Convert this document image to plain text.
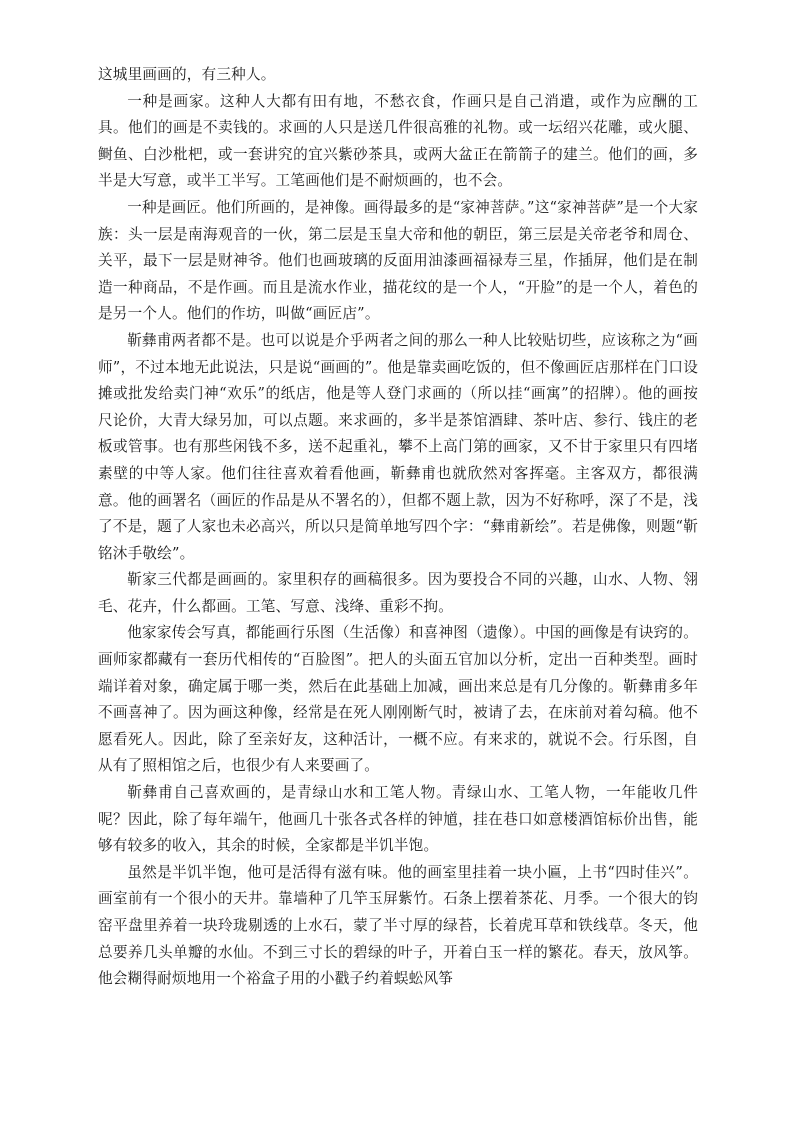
这城里画画的，有三种人。

一种是画家。这种人大都有田有地，不愁衣食，作画只是自己消遣，或作为应酬的工具。他们的画是不卖钱的。求画的人只是送几件很高雅的礼物。或一坛绍兴花雕，或火腿、鲥鱼、白沙枇杷，或一套讲究的宜兴紫砂茶具，或两大盆正在箭箭子的建兰。他们的画，多半是大写意，或半工半写。工笔画他们是不耐烦画的，也不会。

一种是画匠。他们所画的，是神像。画得最多的是“家神菩萨。”这“家神菩萨”是一个大家族：头一层是南海观音的一伙，第二层是玉皇大帝和他的朝臣，第三层是关帝老爷和周仓、关平，最下一层是财神爷。他们也画玻璃的反面用油漆画福禄寿三星，作插屏，他们是在制造一种商品，不是作画。而且是流水作业，描花纹的是一个人，“开脸”的是一个人，着色的是另一个人。他们的作坊，叫做“画匠店”。

靳彝甫两者都不是。也可以说是介乎两者之间的那么一种人比较贴切些，应该称之为“画师”，不过本地无此说法，只是说“画画的”。他是靠卖画吃饭的，但不像画匠店那样在门口设摊或批发给卖门神“欢乐”的纸店，他是等人登门求画的（所以挂“画寓”的招牌）。他的画按尺论价，大青大绿另加，可以点题。来求画的，多半是茶馆酒肆、茶叶店、参行、钱庄的老板或管事。也有那些闲钱不多，送不起重礼，攀不上高门第的画家，又不甘于家里只有四堵素壁的中等人家。他们往往喜欢着看他画，靳彝甫也就欣然对客挥毫。主客双方，都很满意。他的画署名（画匠的作品是从不署名的），但都不题上款，因为不好称呼，深了不是，浅了不是，题了人家也未必高兴，所以只是简单地写四个字：“彝甫新绘”。若是佛像，则题“靳铭沐手敬绘”。

靳家三代都是画画的。家里积存的画稿很多。因为要投合不同的兴趣，山水、人物、翎毛、花卉，什么都画。工笔、写意、浅绛、重彩不拘。

他家家传会写真，都能画行乐图（生活像）和喜神图（遗像）。中国的画像是有诀窍的。画师家都藏有一套历代相传的“百脸图”。把人的头面五官加以分析，定出一百种类型。画时端详着对象，确定属于哪一类，然后在此基础上加减，画出来总是有几分像的。靳彝甫多年不画喜神了。因为画这种像，经常是在死人刚刚断气时，被请了去，在床前对着勾稿。他不愿看死人。因此，除了至亲好友，这种活计，一概不应。有来求的，就说不会。行乐图，自从有了照相馆之后，也很少有人来要画了。

靳彝甫自己喜欢画的，是青绿山水和工笔人物。青绿山水、工笔人物，一年能收几件呢？因此，除了每年端午，他画几十张各式各样的钟馗，挂在巷口如意楼酒馆标价出售，能够有较多的收入，其余的时候，全家都是半饥半饱。

虽然是半饥半饱，他可是活得有滋有味。他的画室里挂着一块小匾，上书“四时佳兴”。画室前有一个很小的天井。靠墙种了几竿玉屏紫竹。石条上摆着茶花、月季。一个很大的钧窑平盘里养着一块玲珑剔透的上水石，蒙了半寸厚的绿苔，长着虎耳草和铁线草。冬天，他总要养几头单瓣的水仙。不到三寸长的碧绿的叶子，开着白玉一样的繁花。春天，放风筝。他会糊得耐烦地用一个裕盒子用的小戳子约着蜈蚣风筝
